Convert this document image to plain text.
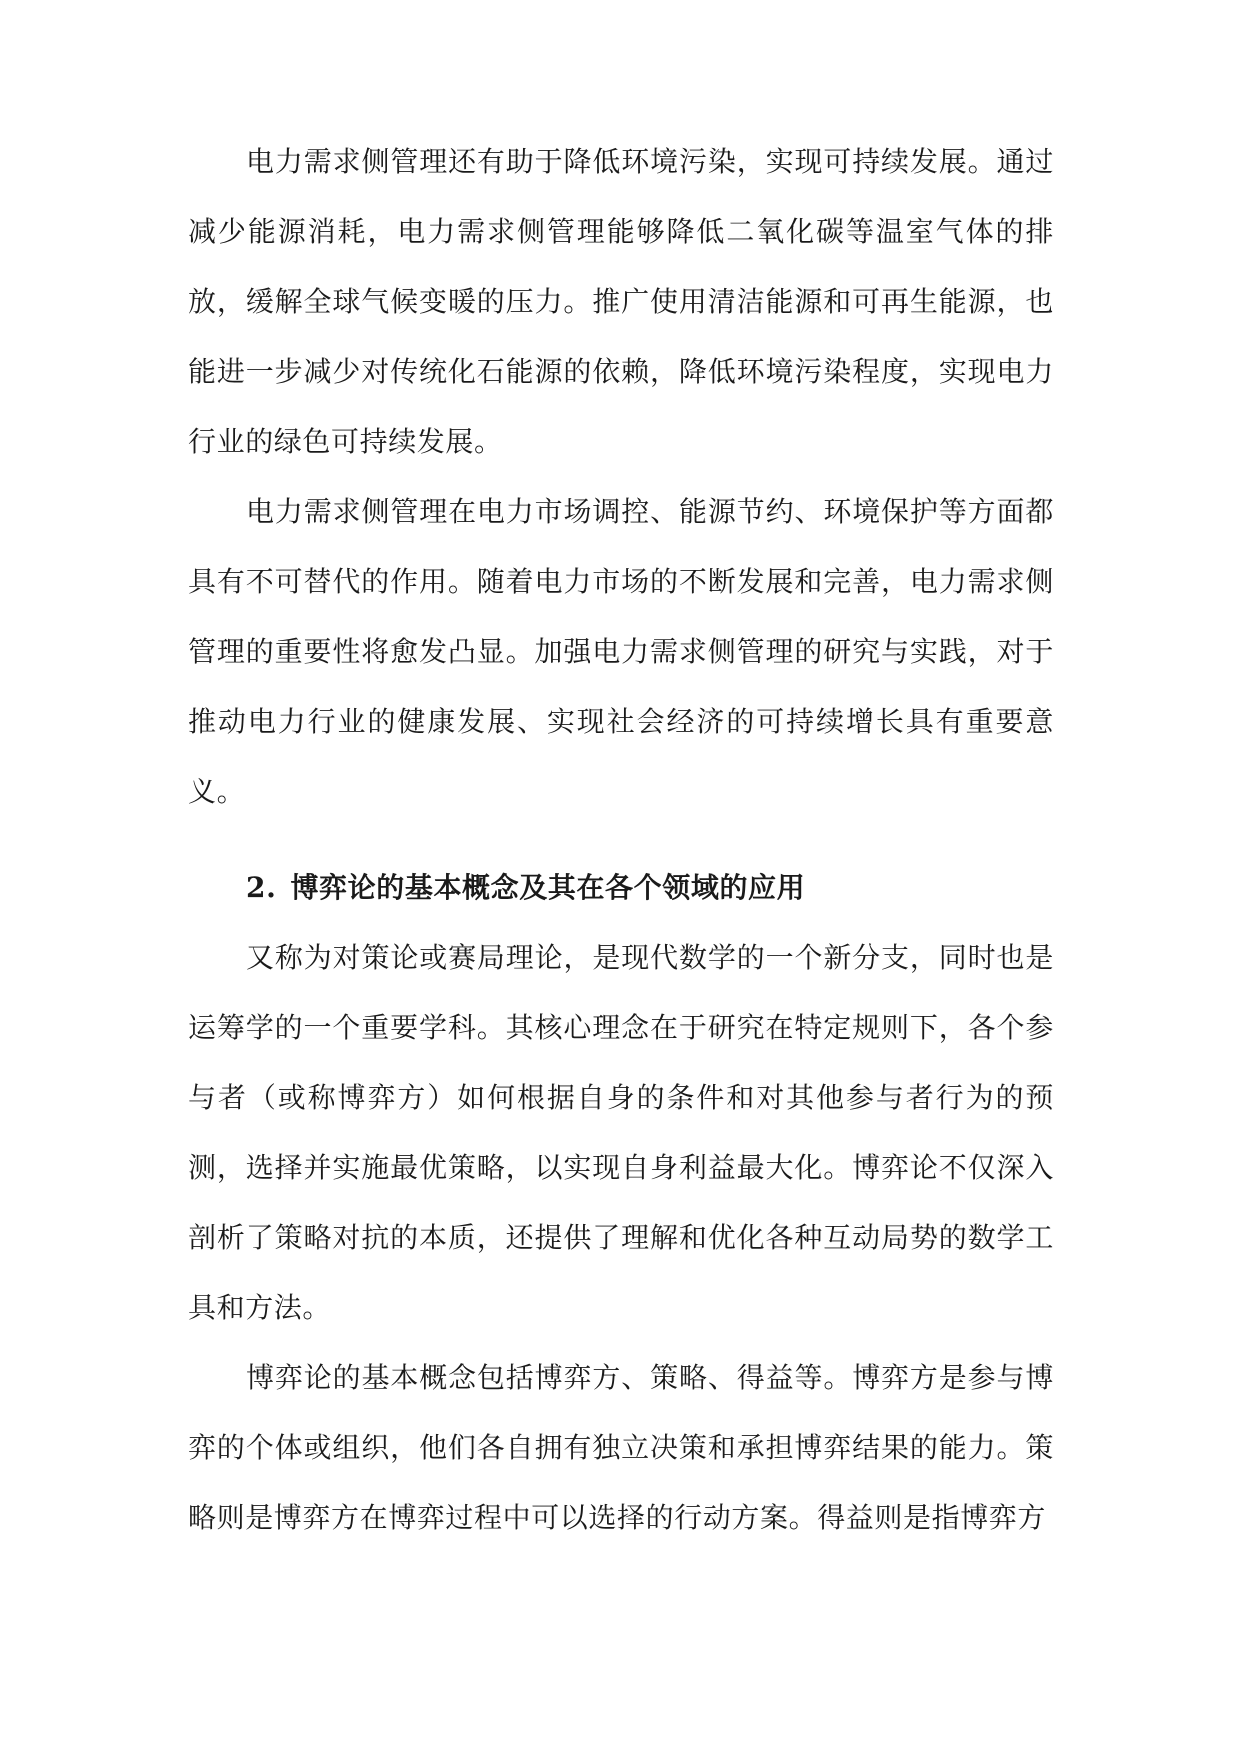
电力需求侧管理还有助于降低环境污染，实现可持续发展。通过减少能源消耗，电力需求侧管理能够降低二氧化碳等温室气体的排放，缓解全球气候变暖的压力。推广使用清洁能源和可再生能源，也能进一步减少对传统化石能源的依赖，降低环境污染程度，实现电力行业的绿色可持续发展。

电力需求侧管理在电力市场调控、能源节约、环境保护等方面都具有不可替代的作用。随着电力市场的不断发展和完善，电力需求侧管理的重要性将愈发凸显。加强电力需求侧管理的研究与实践，对于推动电力行业的健康发展、实现社会经济的可持续增长具有重要意义。

2. 博弈论的基本概念及其在各个领域的应用

又称为对策论或赛局理论，是现代数学的一个新分支，同时也是运筹学的一个重要学科。其核心理念在于研究在特定规则下，各个参与者（或称博弈方）如何根据自身的条件和对其他参与者行为的预测，选择并实施最优策略，以实现自身利益最大化。博弈论不仅深入剖析了策略对抗的本质，还提供了理解和优化各种互动局势的数学工具和方法。

博弈论的基本概念包括博弈方、策略、得益等。博弈方是参与博弈的个体或组织，他们各自拥有独立决策和承担博弈结果的能力。策略则是博弈方在博弈过程中可以选择的行动方案。得益则是指博弈方
